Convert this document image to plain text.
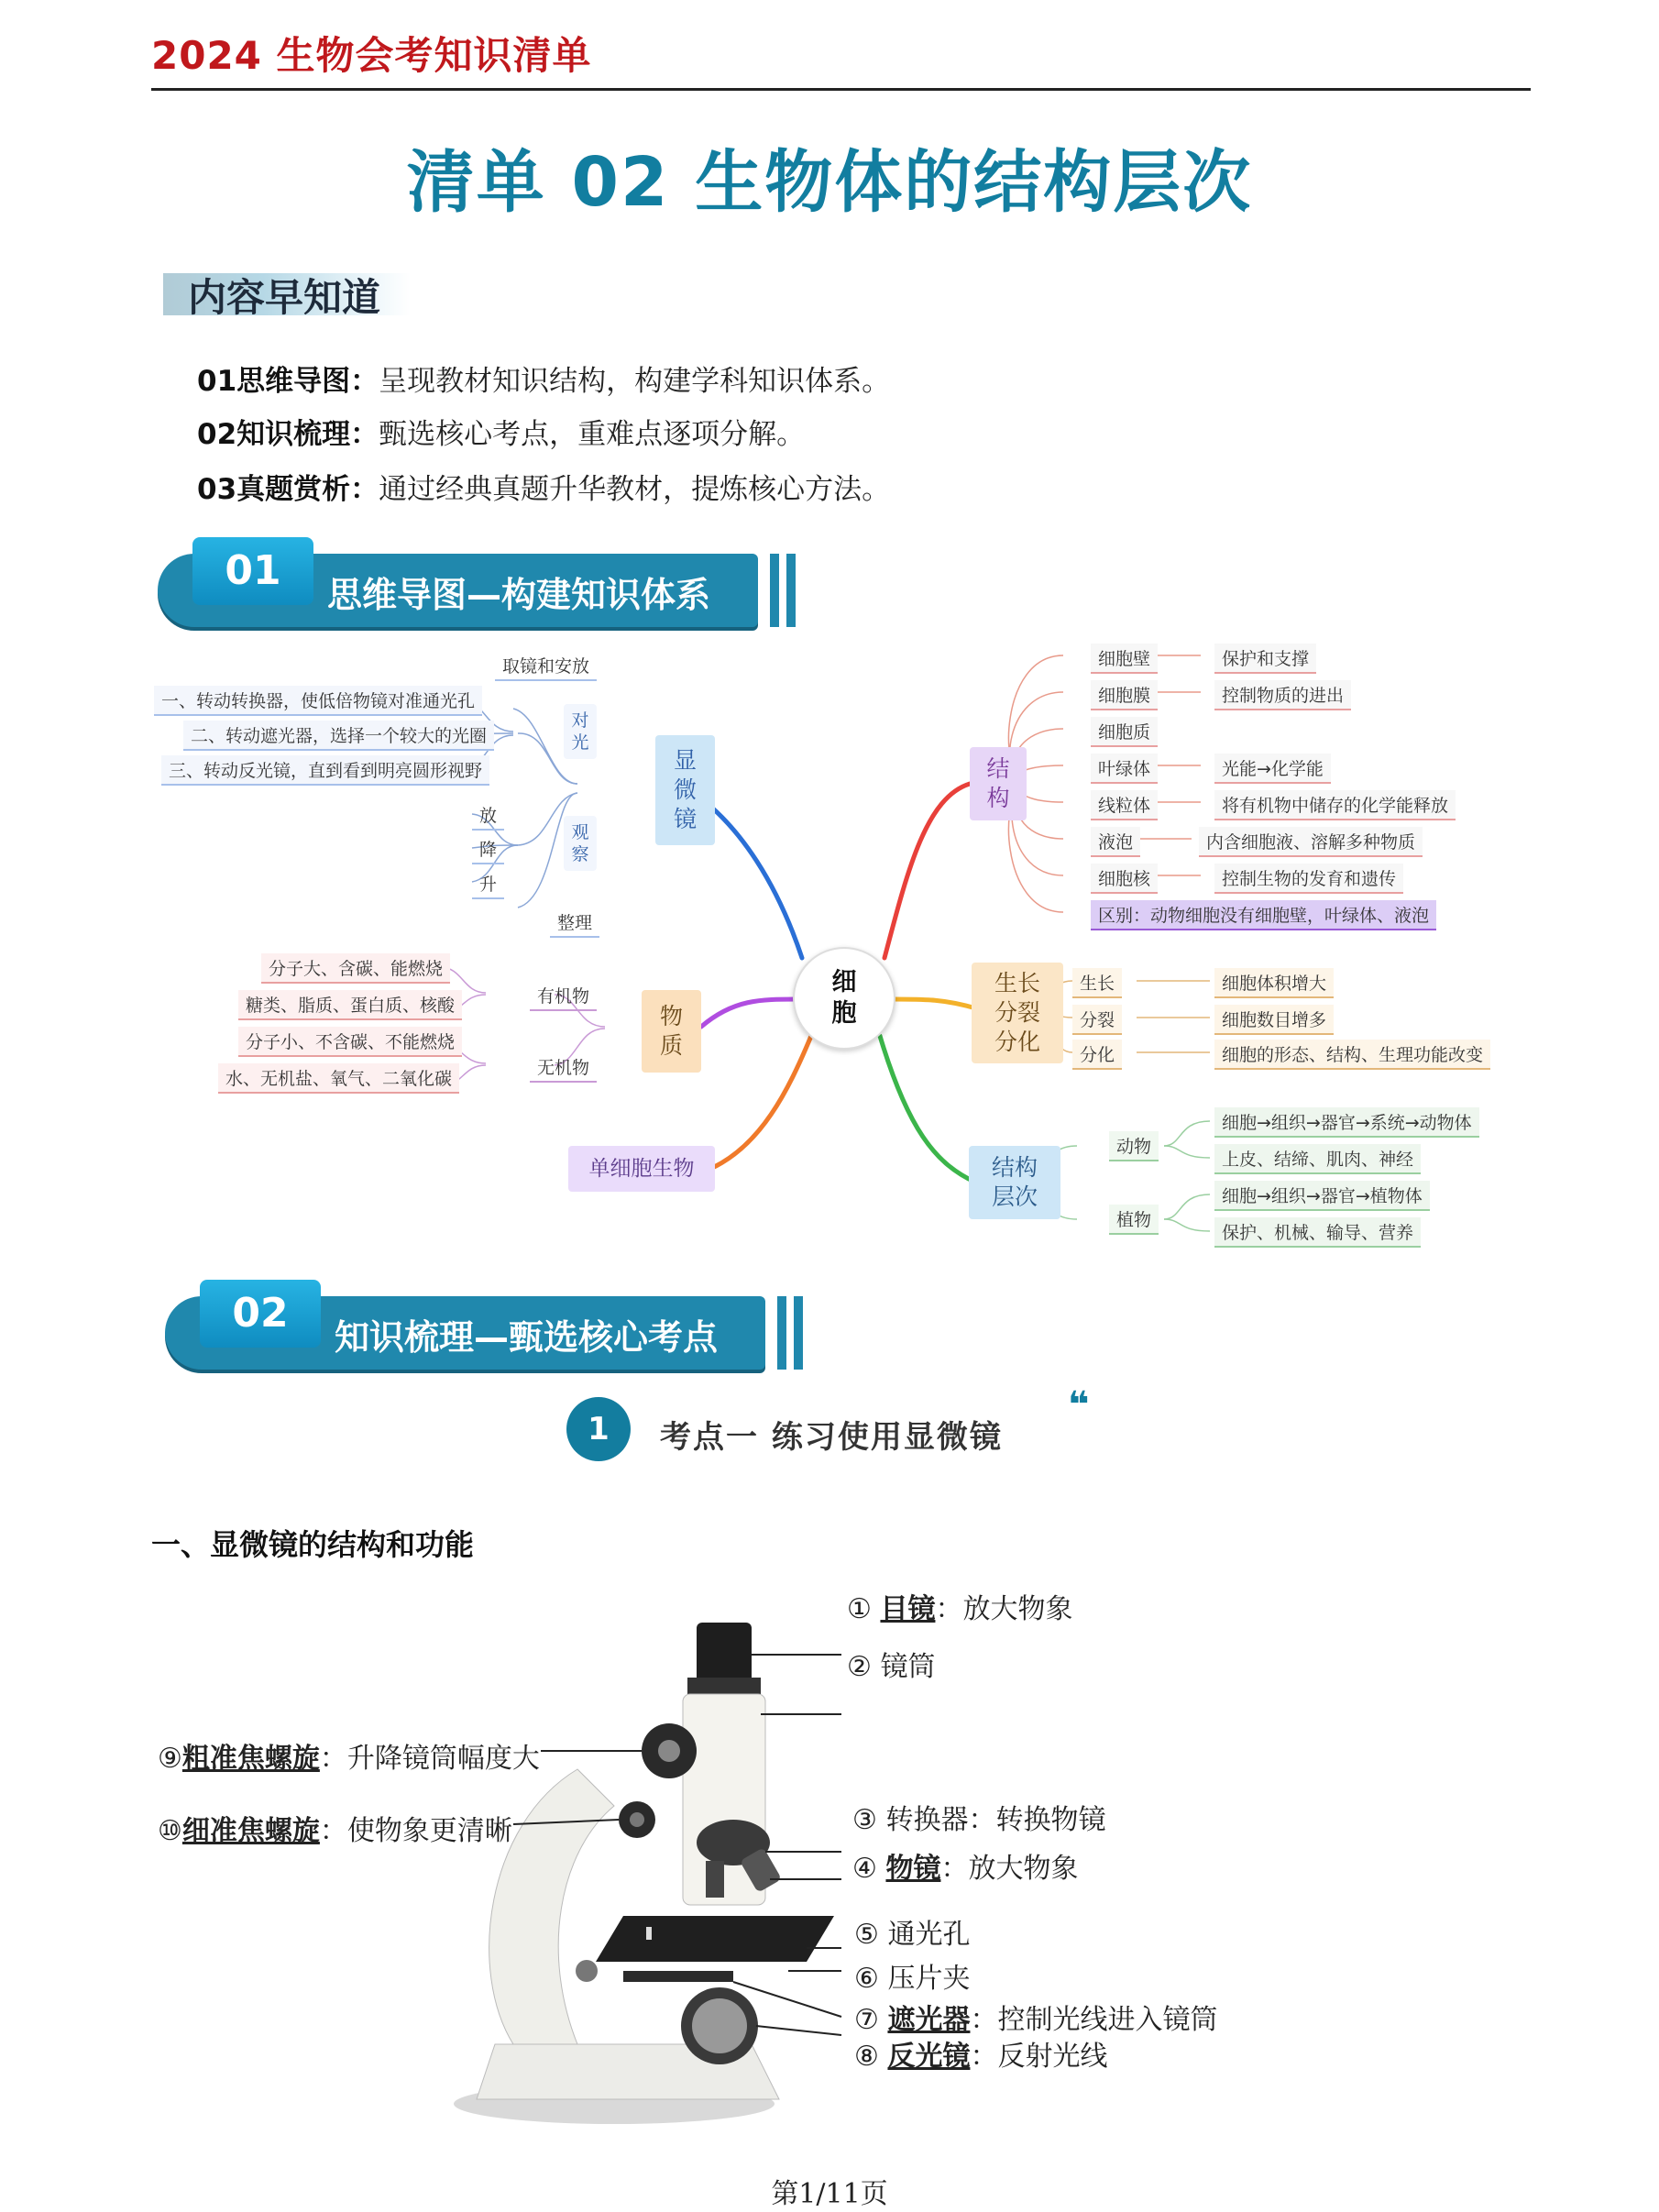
2024 生物会考知识清单
清单 02 生物体的结构层次
内容早知道
01思维导图：呈现教材知识结构，构建学科知识体系。
02知识梳理：甄选核心考点，重难点逐项分解。
03真题赏析：通过经典真题升华教材，提炼核心方法。
01
思维导图—构建知识体系
细
胞
显
微
镜
取镜和安放
整理
对
光
一、转动转换器，使低倍物镜对准通光孔
二、转动遮光器，选择一个较大的光圈
三、转动反光镜，直到看到明亮圆形视野
观
察
放
降
升
物
质
有机物
分子大、含碳、能燃烧
糖类、脂质、蛋白质、核酸
无机物
分子小、不含碳、不能燃烧
水、无机盐、氧气、二氧化碳
单细胞生物
结
构
细胞壁	保护和支撑
细胞膜	控制物质的进出
细胞质
叶绿体	光能→化学能
线粒体	将有机物中储存的化学能释放
液泡	内含细胞液、溶解多种物质
细胞核	控制生物的发育和遗传
区别：动物细胞没有细胞壁，叶绿体、液泡
生长
分裂
分化
生长	细胞体积增大
分裂	细胞数目增多
分化	细胞的形态、结构、生理功能改变
结构
层次
动物
细胞→组织→器官→系统→动物体
上皮、结缔、肌肉、神经
植物
细胞→组织→器官→植物体
保护、机械、输导、营养
02
知识梳理—甄选核心考点
1	考点一 练习使用显微镜
❝
一、显微镜的结构和功能
① 目镜：放大物象
② 镜筒
③ 转换器：转换物镜
④ 物镜：放大物象
⑤ 通光孔
⑥ 压片夹
⑦ 遮光器：控制光线进入镜筒
⑧ 反光镜：反射光线
⑨粗准焦螺旋：升降镜筒幅度大
⑩细准焦螺旋：使物象更清晰
第1/11页
